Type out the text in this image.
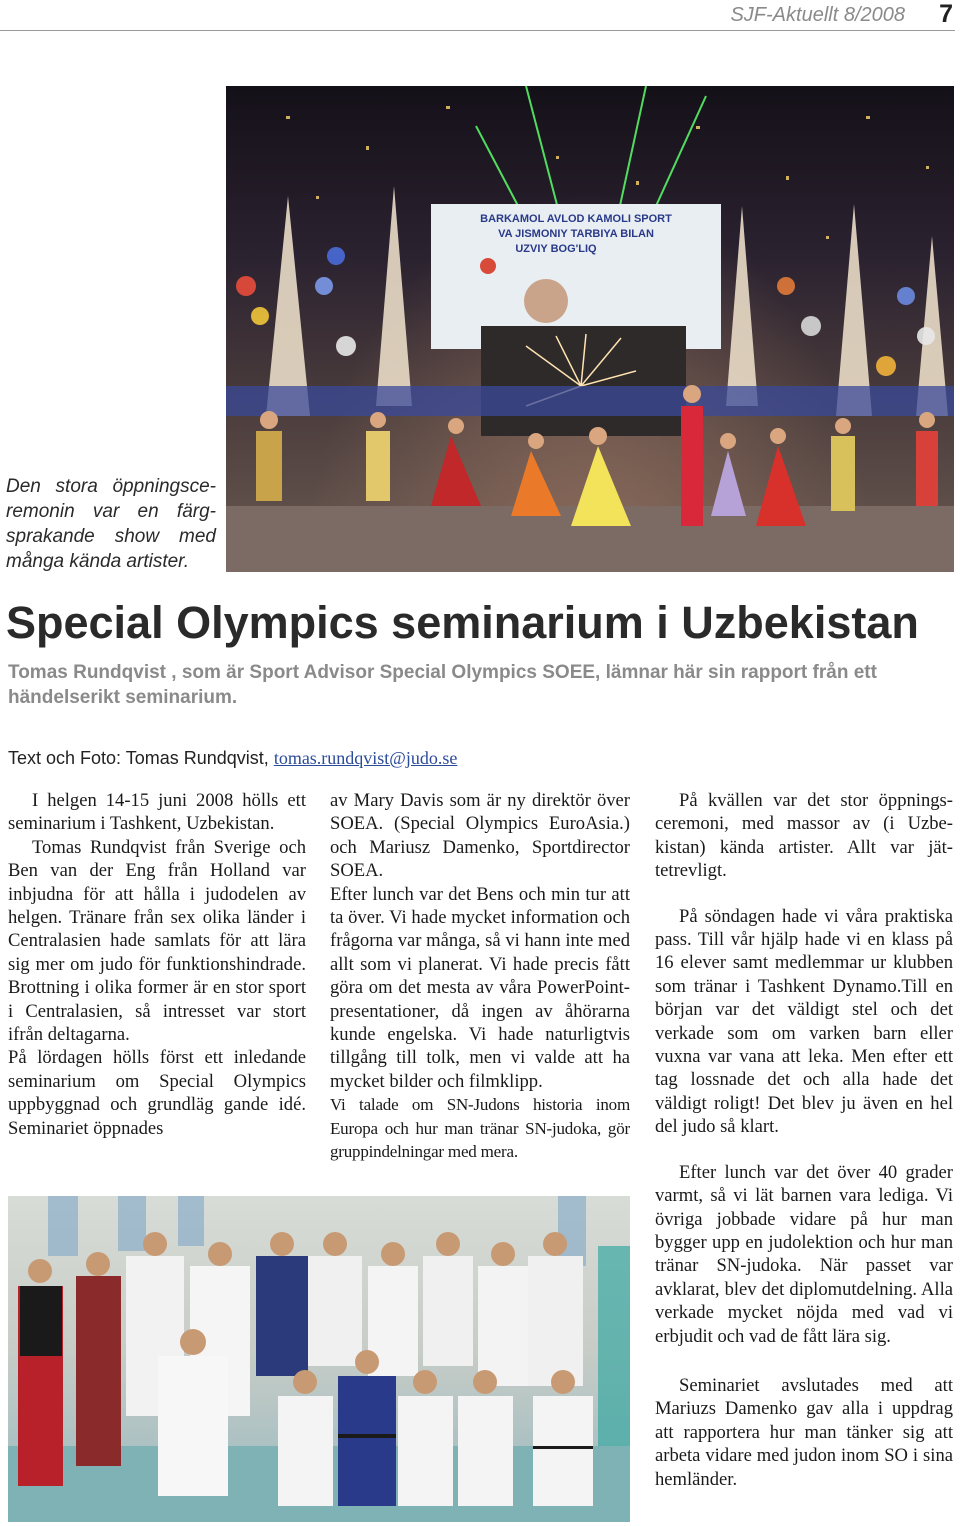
SJF-Aktuellt 8/2008 7
BARKAMOL AVLOD KAMOLI SPORT
VA JISMONIY TARBIYA BILAN
UZVIY BOG'LIQ
Den stora öppningsceremonin var en färgsprakande show med många kända artister.
Special Olympics seminarium i Uzbekistan

Tomas Rundqvist , som är Sport Advisor Special Olympics SOEE, lämnar här sin rapport från ett händelserikt seminarium.

Text och Foto: Tomas Rundqvist, tomas.rundqvist@judo.se

I helgen 14-15 juni 2008 hölls ett seminarium i Tashkent, Uzbekistan.

Tomas Rundqvist från Sverige och Ben van der Eng från Holland var inbjudna för att hålla i judodelen av helgen. Tränare från sex olika länder i Centralasien hade samlats för att lära sig mer om judo för funktionshindrade. Brottning i olika former är en stor sport i Centralasien, så intresset var stort ifrån deltagarna.

På lördagen hölls först ett inledande seminarium om Special Olympics uppbyggnad och grundläg gande idé. Seminariet öppnades

av Mary Davis som är ny direktör över SOEA. (Special Olympics EuroAsia.) och Mariusz Damenko, Sportdirector SOEA.

Efter lunch var det Bens och min tur att ta över. Vi hade mycket information och frågorna var många, så vi hann inte med allt som vi planerat. Vi hade precis fått göra om det mesta av våra PowerPoint-presentationer, då ingen av åhörarna kunde engelska. Vi hade naturligtvis tillgång till tolk, men vi valde att ha mycket bilder och filmklipp.

Vi talade om SN-Judons historia inom Europa och hur man tränar SN-judoka, gör gruppindelningar med mera.

På kvällen var det stor öppningsceremoni, med massor av (i Uzbekistan) kända artister. Allt var jättetrevligt.

På söndagen hade vi våra praktiska pass. Till vår hjälp hade vi en klass på 16 elever samt medlemmar ur klubben som tränar i Tashkent Dynamo.Till en början var det väldigt stel och det verkade som om varken barn eller vuxna var vana att leka. Men efter ett tag lossnade det och alla hade det väldigt roligt! Det blev ju även en hel del judo så klart.

Efter lunch var det över 40 grader varmt, så vi lät barnen vara lediga. Vi övriga jobbade vidare på hur man bygger upp en judolektion och hur man tränar SN-judoka. När passet var avklarat, blev det diplomutdelning. Alla verkade mycket nöjda med vad vi erbjudit och vad de fått lära sig.

Seminariet avslutades med att Mariuzs Damenko gav alla i uppdrag att rapportera hur man tänker sig att arbeta vidare med judon inom SO i sina hemländer.
